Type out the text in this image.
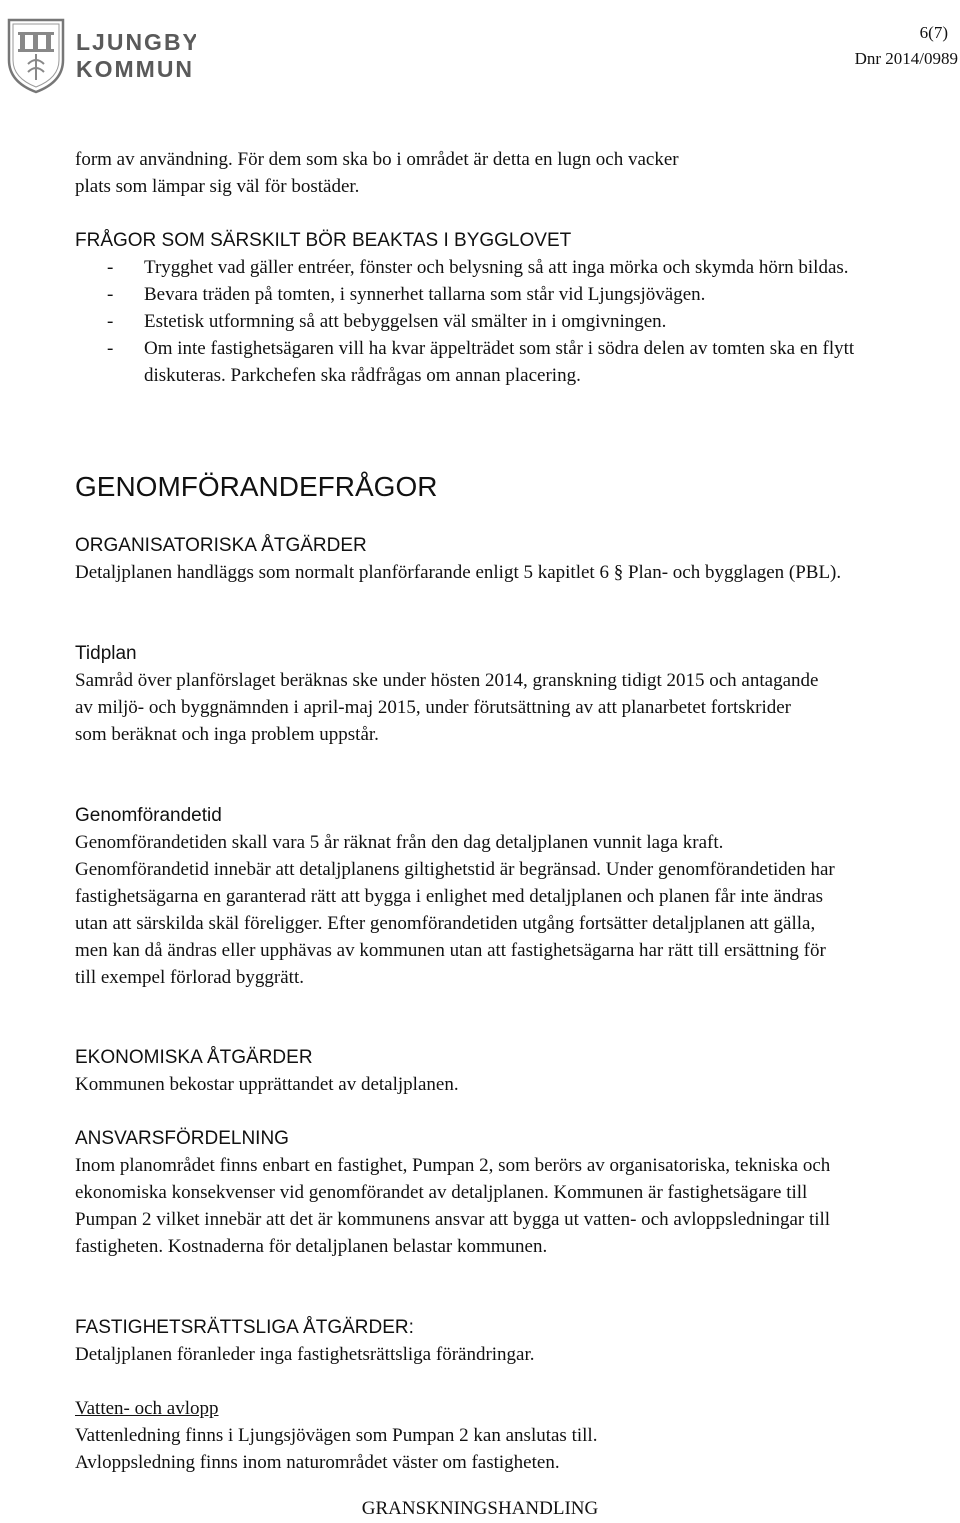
LJUNGBY
KOMMUN
6(7)
Dnr 2014/0989
form av användning. För dem som ska bo i området är detta en lugn och vacker
plats som lämpar sig väl för bostäder.
FRÅGOR SOM SÄRSKILT BÖR BEAKTAS I BYGGLOVET
- Trygghet vad gäller entréer, fönster och belysning så att inga mörka och skymda hörn bildas.
- Bevara träden på tomten, i synnerhet tallarna som står vid Ljungsjövägen.
- Estetisk utformning så att bebyggelsen väl smälter in i omgivningen.
- Om inte fastighetsägaren vill ha kvar äppelträdet som står i södra delen av tomten ska en flytt diskuteras. Parkchefen ska rådfrågas om annan placering.
GENOMFÖRANDEFRÅGOR
ORGANISATORISKA ÅTGÄRDER
Detaljplanen handläggs som normalt planförfarande enligt 5 kapitlet 6 § Plan- och bygglagen (PBL).
Tidplan
Samråd över planförslaget beräknas ske under hösten 2014, granskning tidigt 2015 och antagande av miljö- och byggnämnden i april-maj 2015, under förutsättning av att planarbetet fortskrider som beräknat och inga problem uppstår.
Genomförandetid
Genomförandetiden skall vara 5 år räknat från den dag detaljplanen vunnit laga kraft. Genomförandetid innebär att detaljplanens giltighetstid är begränsad. Under genomförandetiden har fastighetsägarna en garanterad rätt att bygga i enlighet med detaljplanen och planen får inte ändras utan att särskilda skäl föreligger. Efter genomförandetiden utgång fortsätter detaljplanen att gälla, men kan då ändras eller upphävas av kommunen utan att fastighetsägarna har rätt till ersättning för till exempel förlorad byggrätt.
EKONOMISKA ÅTGÄRDER
Kommunen bekostar upprättandet av detaljplanen.
ANSVARSFÖRDELNING
Inom planområdet finns enbart en fastighet, Pumpan 2, som berörs av organisatoriska, tekniska och ekonomiska konsekvenser vid genomförandet av detaljplanen. Kommunen är fastighetsägare till Pumpan 2 vilket innebär att det är kommunens ansvar att bygga ut vatten- och avloppsledningar till fastigheten. Kostnaderna för detaljplanen belastar kommunen.
FASTIGHETSRÄTTSLIGA ÅTGÄRDER:
Detaljplanen föranleder inga fastighetsrättsliga förändringar.
Vatten- och avlopp
Vattenledning finns i Ljungsjövägen som Pumpan 2 kan anslutas till.
Avloppsledning finns inom naturområdet väster om fastigheten.
GRANSKNINGSHANDLING
